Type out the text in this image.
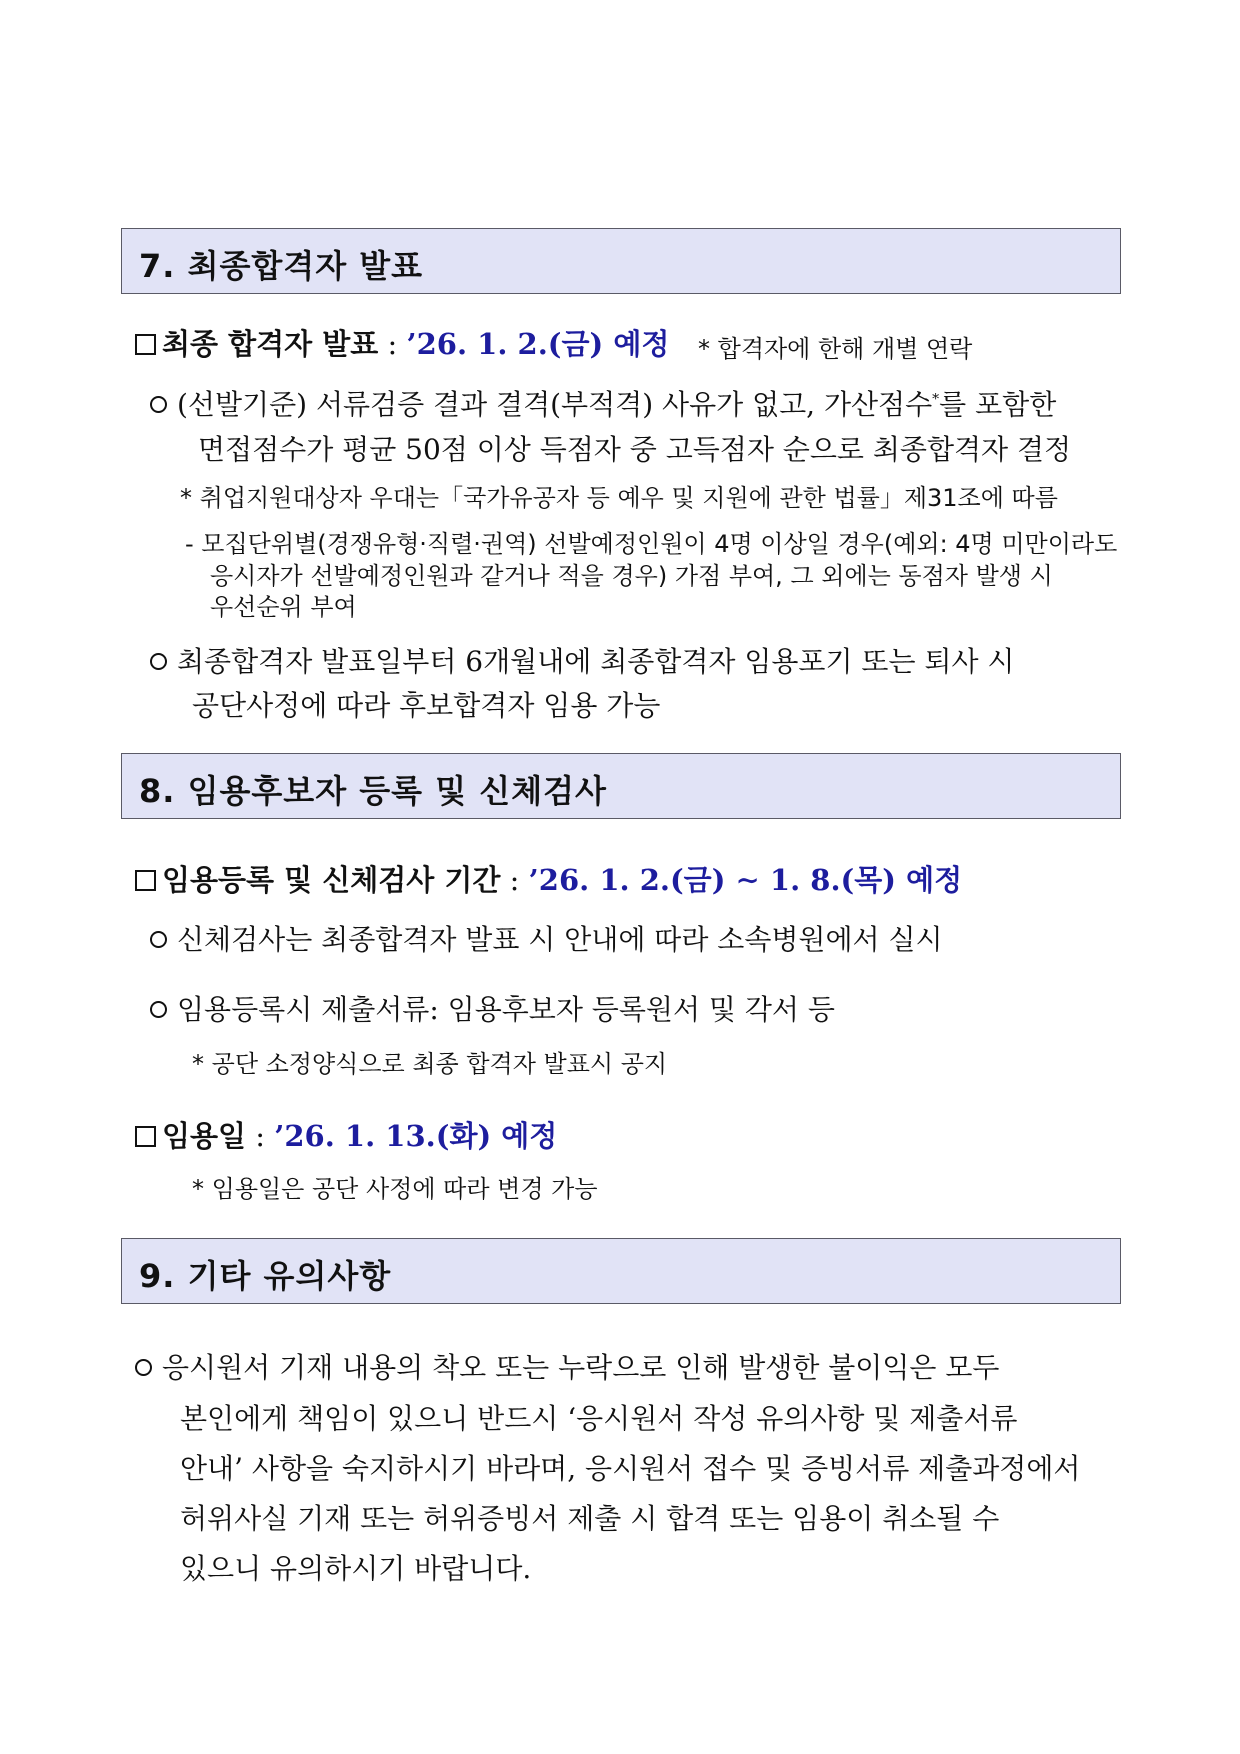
7. 최종합격자 발표
최종 합격자 발표 : ’26. 1. 2.(금) 예정 * 합격자에 한해 개별 연락
(선발기준) 서류검증 결과 결격(부적격) 사유가 없고, 가산점수*를 포함한
면접점수가 평균 50점 이상 득점자 중 고득점자 순으로 최종합격자 결정
* 취업지원대상자 우대는「국가유공자 등 예우 및 지원에 관한 법률」제31조에 따름
- 모집단위별(경쟁유형·직렬·권역) 선발예정인원이 4명 이상일 경우(예외: 4명 미만이라도
응시자가 선발예정인원과 같거나 적을 경우) 가점 부여, 그 외에는 동점자 발생 시
우선순위 부여
최종합격자 발표일부터 6개월내에 최종합격자 임용포기 또는 퇴사 시
공단사정에 따라 후보합격자 임용 가능
8. 임용후보자 등록 및 신체검사
임용등록 및 신체검사 기간 : ’26. 1. 2.(금) ∼ 1. 8.(목) 예정
신체검사는 최종합격자 발표 시 안내에 따라 소속병원에서 실시
임용등록시 제출서류: 임용후보자 등록원서 및 각서 등
* 공단 소정양식으로 최종 합격자 발표시 공지
임용일 : ’26. 1. 13.(화) 예정
* 임용일은 공단 사정에 따라 변경 가능
9. 기타 유의사항
응시원서 기재 내용의 착오 또는 누락으로 인해 발생한 불이익은 모두
본인에게 책임이 있으니 반드시 ‘응시원서 작성 유의사항 및 제출서류
안내’ 사항을 숙지하시기 바라며, 응시원서 접수 및 증빙서류 제출과정에서
허위사실 기재 또는 허위증빙서 제출 시 합격 또는 임용이 취소될 수
있으니 유의하시기 바랍니다.
